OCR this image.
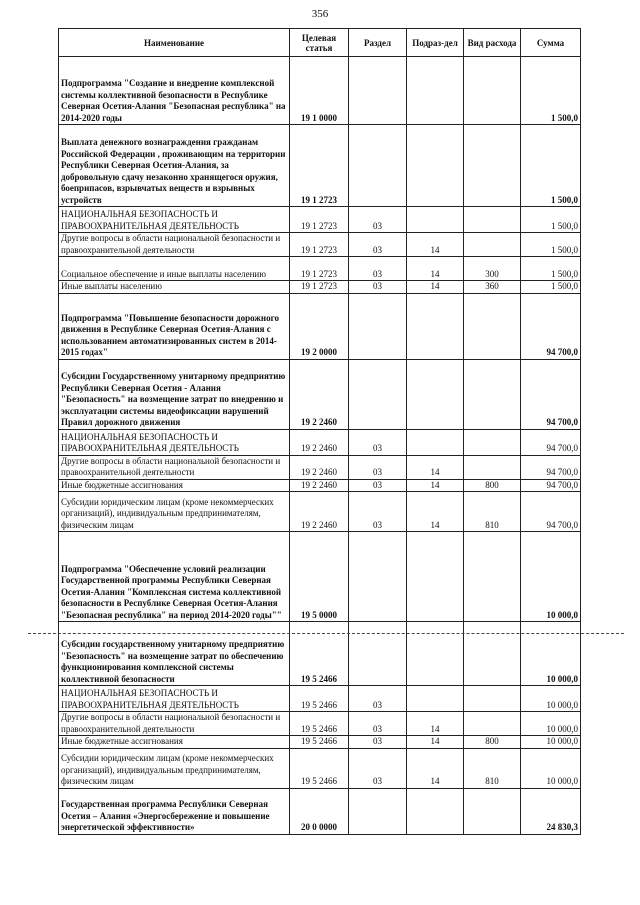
356
Наименование	Целевая статья	Раздел	Подраз-дел	Вид расхода	Сумма
Подпрограмма "Создание и внедрение комплексной системы коллективной безопасности в Республике Северная Осетия-Алания "Безопасная республика" на 2014-2020 годы	19 1 0000				1 500,0
Выплата денежного вознаграждения гражданам Российской Федерации , проживающим на территории Республики Северная Осетия-Алания, за добровольную сдачу незаконно хранящегося оружия, боеприпасов, взрывчатых веществ и взрывных устройств	19 1 2723				1 500,0
НАЦИОНАЛЬНАЯ БЕЗОПАСНОСТЬ И ПРАВООХРАНИТЕЛЬНАЯ ДЕЯТЕЛЬНОСТЬ	19 1 2723	03			1 500,0
Другие вопросы в области национальной безопасности и правоохранительной деятельности	19 1 2723	03	14		1 500,0
Социальное обеспечение и иные выплаты населению	19 1 2723	03	14	300	1 500,0
Иные выплаты населению	19 1 2723	03	14	360	1 500,0
Подпрограмма "Повышение безопасности дорожного движения в Республике Северная Осетия-Алания с использованием автоматизированных систем в 2014-2015 годах"	19 2 0000				94 700,0
Субсидии Государственному унитарному предприятию Республики Северная Осетия - Алания "Безопасность" на возмещение затрат по внедрению и эксплуатации системы видеофиксации нарушений Правил дорожного движения	19 2 2460				94 700,0
НАЦИОНАЛЬНАЯ БЕЗОПАСНОСТЬ И ПРАВООХРАНИТЕЛЬНАЯ ДЕЯТЕЛЬНОСТЬ	19 2 2460	03			94 700,0
Другие вопросы в области национальной безопасности и правоохранительной деятельности	19 2 2460	03	14		94 700,0
Иные бюджетные ассигнования	19 2 2460	03	14	800	94 700,0
Субсидии юридическим лицам (кроме некоммерческих организаций), индивидуальным предпринимателям, физическим лицам	19 2 2460	03	14	810	94 700,0
Подпрограмма "Обеспечение условий реализации Государственной программы Республики Северная Осетия-Алания "Комплексная система коллективной безопасности в Республике Северная Осетия-Алания "Безопасная республика" на период 2014-2020 годы""	19 5 0000				10 000,0
Субсидии государственному унитарному предприятию "Безопасность" на возмещение затрат по обеспечению функционирования комплексной системы коллективной безопасности	19 5 2466				10 000,0
НАЦИОНАЛЬНАЯ БЕЗОПАСНОСТЬ И ПРАВООХРАНИТЕЛЬНАЯ ДЕЯТЕЛЬНОСТЬ	19 5 2466	03			10 000,0
Другие вопросы в области национальной безопасности и правоохранительной деятельности	19 5 2466	03	14		10 000,0
Иные бюджетные ассигнования	19 5 2466	03	14	800	10 000,0
Субсидии юридическим лицам (кроме некоммерческих организаций), индивидуальным предпринимателям, физическим лицам	19 5 2466	03	14	810	10 000,0
Государственная программа Республики Северная Осетия – Алания «Энергосбережение и повышение энергетической эффективности»	20 0 0000				24 830,3
